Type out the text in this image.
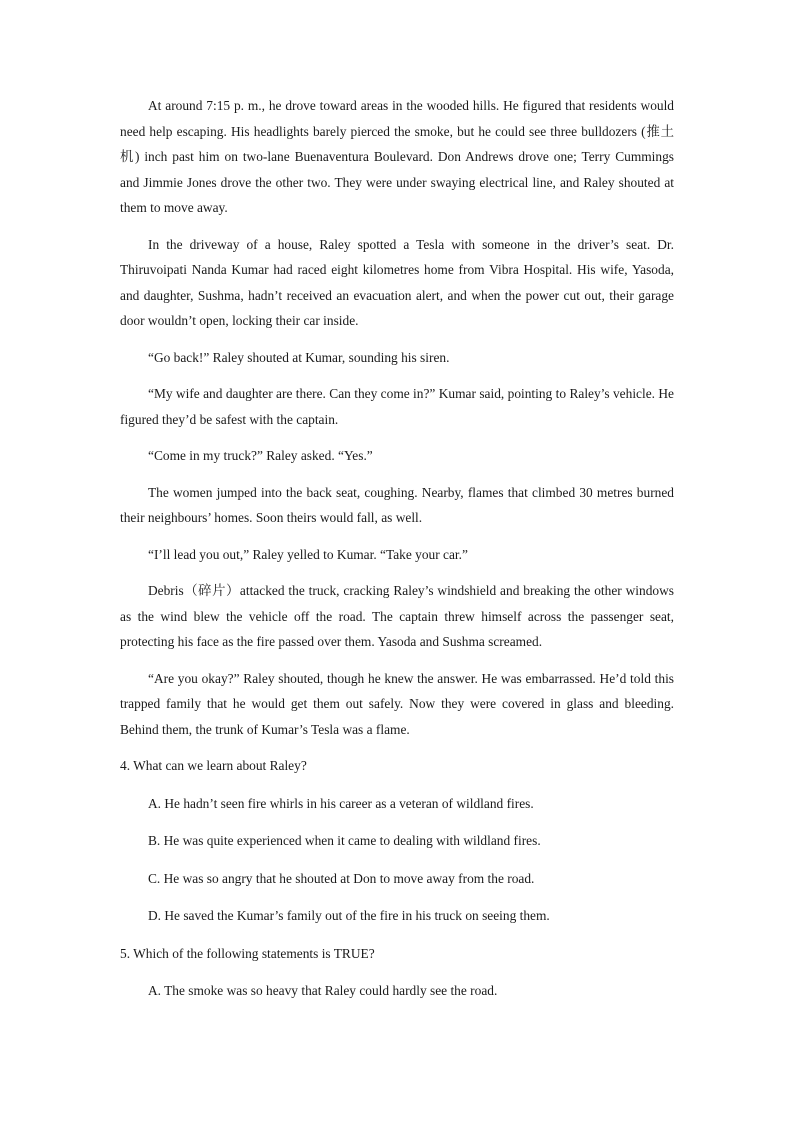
At around 7:15 p. m., he drove toward areas in the wooded hills. He figured that residents would need help escaping. His headlights barely pierced the smoke, but he could see three bulldozers (推土机) inch past him on two-lane Buenaventura Boulevard. Don Andrews drove one; Terry Cummings and Jimmie Jones drove the other two. They were under swaying electrical line, and Raley shouted at them to move away.

In the driveway of a house, Raley spotted a Tesla with someone in the driver’s seat. Dr. Thiruvoipati Nanda Kumar had raced eight kilometres home from Vibra Hospital. His wife, Yasoda, and daughter, Sushma, hadn’t received an evacuation alert, and when the power cut out, their garage door wouldn’t open, locking their car inside.

“Go back!” Raley shouted at Kumar, sounding his siren.

“My wife and daughter are there. Can they come in?” Kumar said, pointing to Raley’s vehicle. He figured they’d be safest with the captain.

“Come in my truck?” Raley asked. “Yes.”

The women jumped into the back seat, coughing. Nearby, flames that climbed 30 metres burned their neighbours’ homes. Soon theirs would fall, as well.

“I’ll lead you out,” Raley yelled to Kumar. “Take your car.”

Debris（碎片）attacked the truck, cracking Raley’s windshield and breaking the other windows as the wind blew the vehicle off the road. The captain threw himself across the passenger seat, protecting his face as the fire passed over them. Yasoda and Sushma screamed.

“Are you okay?” Raley shouted, though he knew the answer. He was embarrassed. He’d told this trapped family that he would get them out safely. Now they were covered in glass and bleeding. Behind them, the trunk of Kumar’s Tesla was a flame.

4. What can we learn about Raley?

A. He hadn’t seen fire whirls in his career as a veteran of wildland fires.

B. He was quite experienced when it came to dealing with wildland fires.

C. He was so angry that he shouted at Don to move away from the road.

D. He saved the Kumar’s family out of the fire in his truck on seeing them.

5. Which of the following statements is TRUE?

A. The smoke was so heavy that Raley could hardly see the road.
